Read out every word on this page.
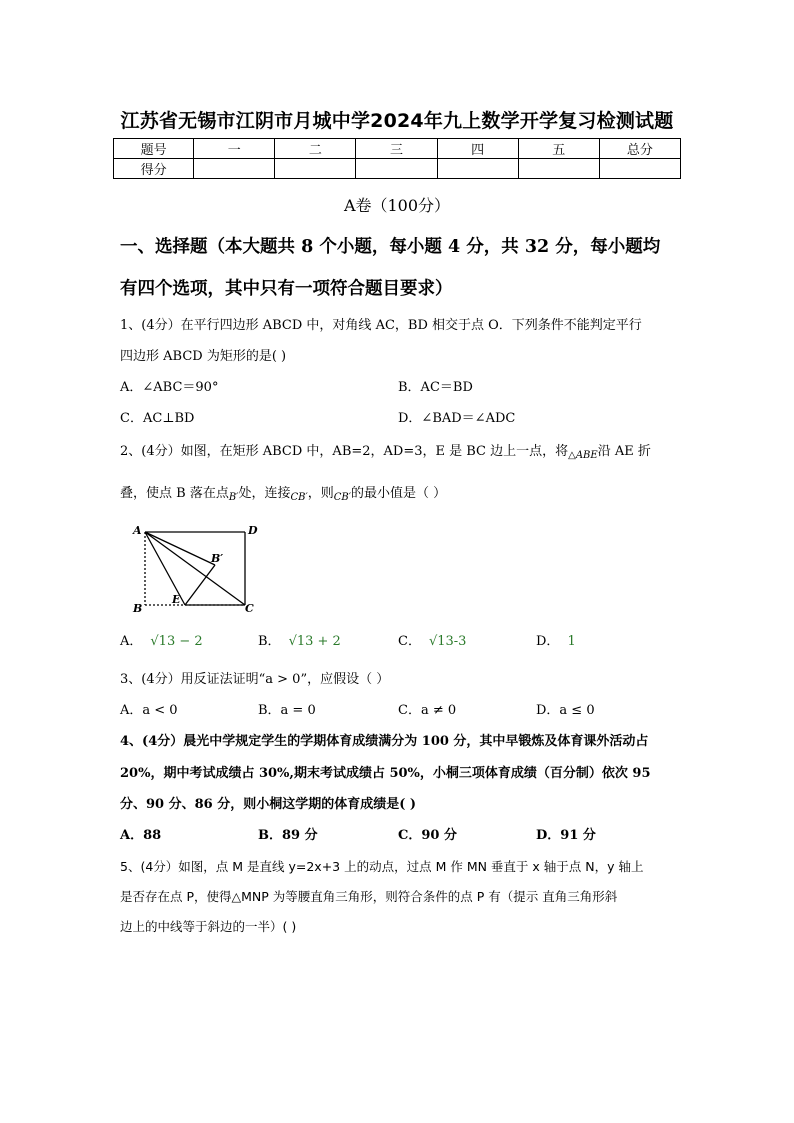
江苏省无锡市江阴市月城中学2024年九上数学开学复习检测试题
题号	一	二	三	四	五	总分
得分						
A卷（100分）
一、选择题（本大题共 8 个小题，每小题 4 分，共 32 分，每小题均
有四个选项，其中只有一项符合题目要求）
1、(4分）在平行四边形 ABCD 中，对角线 AC，BD 相交于点 O．下列条件不能判定平行
四边形 ABCD 为矩形的是( )
A．∠ABC＝90°	B．AC＝BD
C．AC⊥BD	D．∠BAD＝∠ADC
2、(4分）如图，在矩形 ABCD 中，AB=2，AD=3，E 是 BC 边上一点，将$_{\triangle ABE}$沿 AE 折
叠，使点 B 落在点$_{B'}$处，连接$_{CB'}$，则$_{CB'}$的最小值是（ ）
A	D
B′
B
E
C
A． √13 − 2	B． √13 + 2	C． √13-3	D． 1
3、(4分）用反证法证明“a > 0”，应假设（ ）
A．a < 0	B．a = 0	C．a ≠ 0	D．a ≤ 0
4、(4分）晨光中学规定学生的学期体育成绩满分为 100 分，其中早锻炼及体育课外活动占
20%，期中考试成绩占 30%,期末考试成绩占 50%，小桐三项体育成绩（百分制）依次 95
分、90 分、86 分，则小桐这学期的体育成绩是( )
A．88	B．89 分	C．90 分	D．91 分
5、(4分）如图，点 M 是直线 y=2x+3 上的动点，过点 M 作 MN 垂直于 x 轴于点 N，y 轴上
是否存在点 P，使得△MNP 为等腰直角三角形，则符合条件的点 P 有（提示 直角三角形斜
边上的中线等于斜边的一半）( )
